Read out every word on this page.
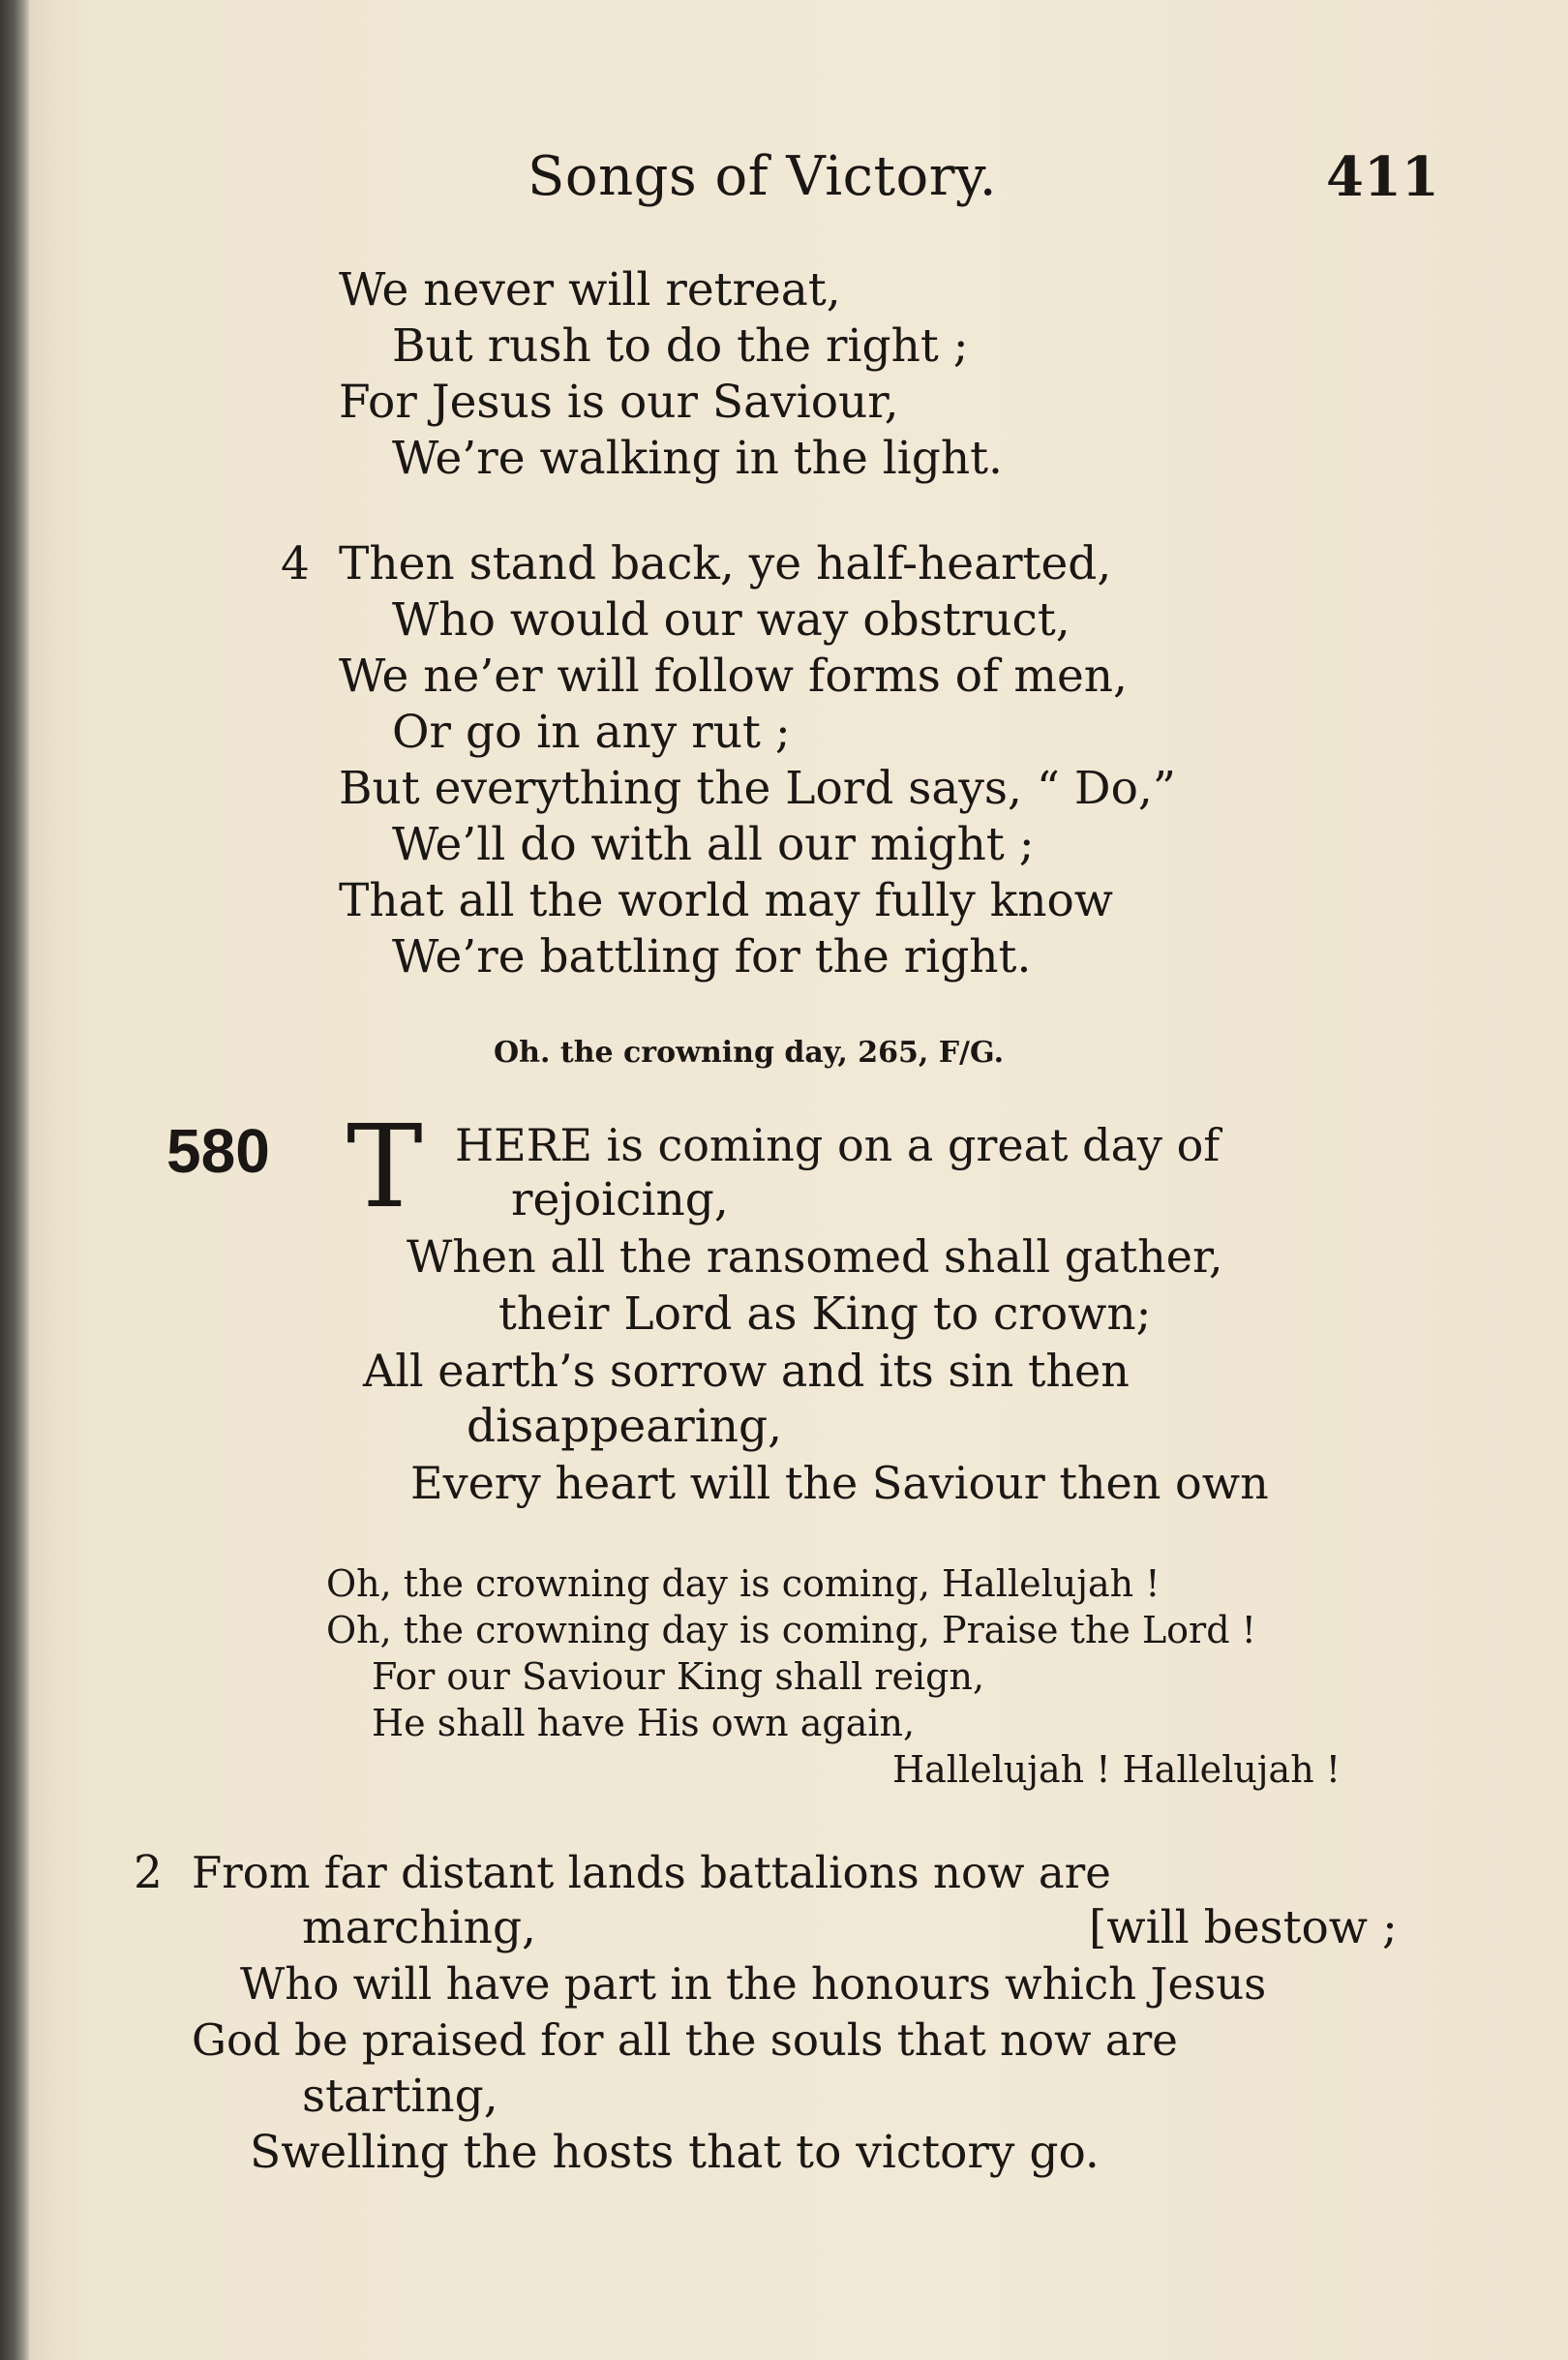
Songs of Victory.	411
We never will retreat,
But rush to do the right ;
For Jesus is our Saviour,
We’re walking in the light.
4 Then stand back, ye half-hearted,
Who would our way obstruct,
We ne’er will follow forms of men,
Or go in any rut ;
But everything the Lord says, “ Do,”
We’ll do with all our might ;
That all the world may fully know
We’re battling for the right.
Oh. the crowning day, 265, F/G.
580 T HERE is coming on a great day of
rejoicing,
When all the ransomed shall gather,
their Lord as King to crown;
All earth’s sorrow and its sin then
disappearing,
Every heart will the Saviour then own
Oh, the crowning day is coming, Hallelujah !
Oh, the crowning day is coming, Praise the Lord !
For our Saviour King shall reign,
He shall have His own again,
Hallelujah ! Hallelujah !
2 From far distant lands battalions now are
marching,	[will bestow ;
Who will have part in the honours which Jesus
God be praised for all the souls that now are
starting,
Swelling the hosts that to victory go.
